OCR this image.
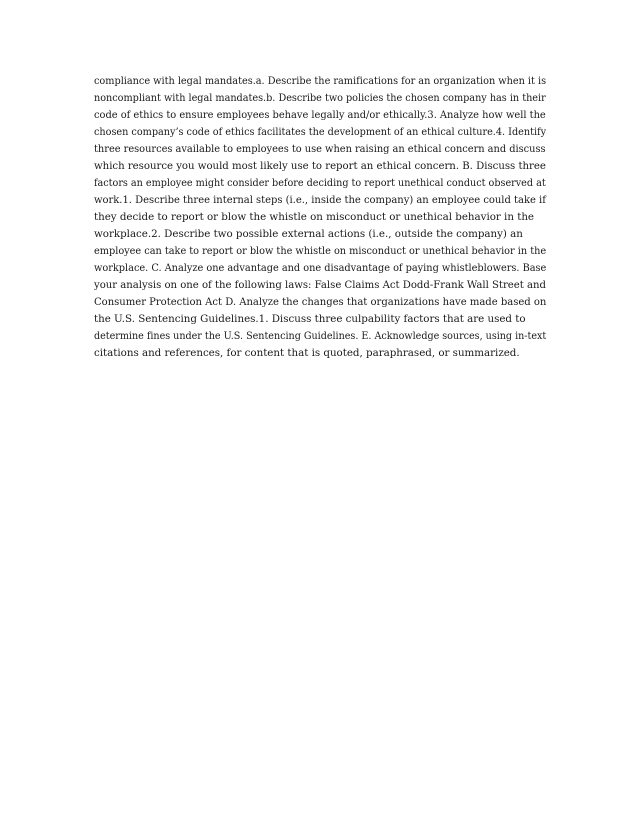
compliance with legal mandates.a. Describe the ramifications for an organization when it is
noncompliant with legal mandates.b. Describe two policies the chosen company has in their
code of ethics to ensure employees behave legally and/or ethically.3. Analyze how well the
chosen company’s code of ethics facilitates the development of an ethical culture.4. Identify
three resources available to employees to use when raising an ethical concern and discuss
which resource you would most likely use to report an ethical concern. B. Discuss three
factors an employee might consider before deciding to report unethical conduct observed at
work.1. Describe three internal steps (i.e., inside the company) an employee could take if
they decide to report or blow the whistle on misconduct or unethical behavior in the
workplace.2. Describe two possible external actions (i.e., outside the company) an
employee can take to report or blow the whistle on misconduct or unethical behavior in the
workplace. C. Analyze one advantage and one disadvantage of paying whistleblowers. Base
your analysis on one of the following laws: False Claims Act Dodd-Frank Wall Street and
Consumer Protection Act D. Analyze the changes that organizations have made based on
the U.S. Sentencing Guidelines.1. Discuss three culpability factors that are used to
determine fines under the U.S. Sentencing Guidelines. E. Acknowledge sources, using in-text
citations and references, for content that is quoted, paraphrased, or summarized.
